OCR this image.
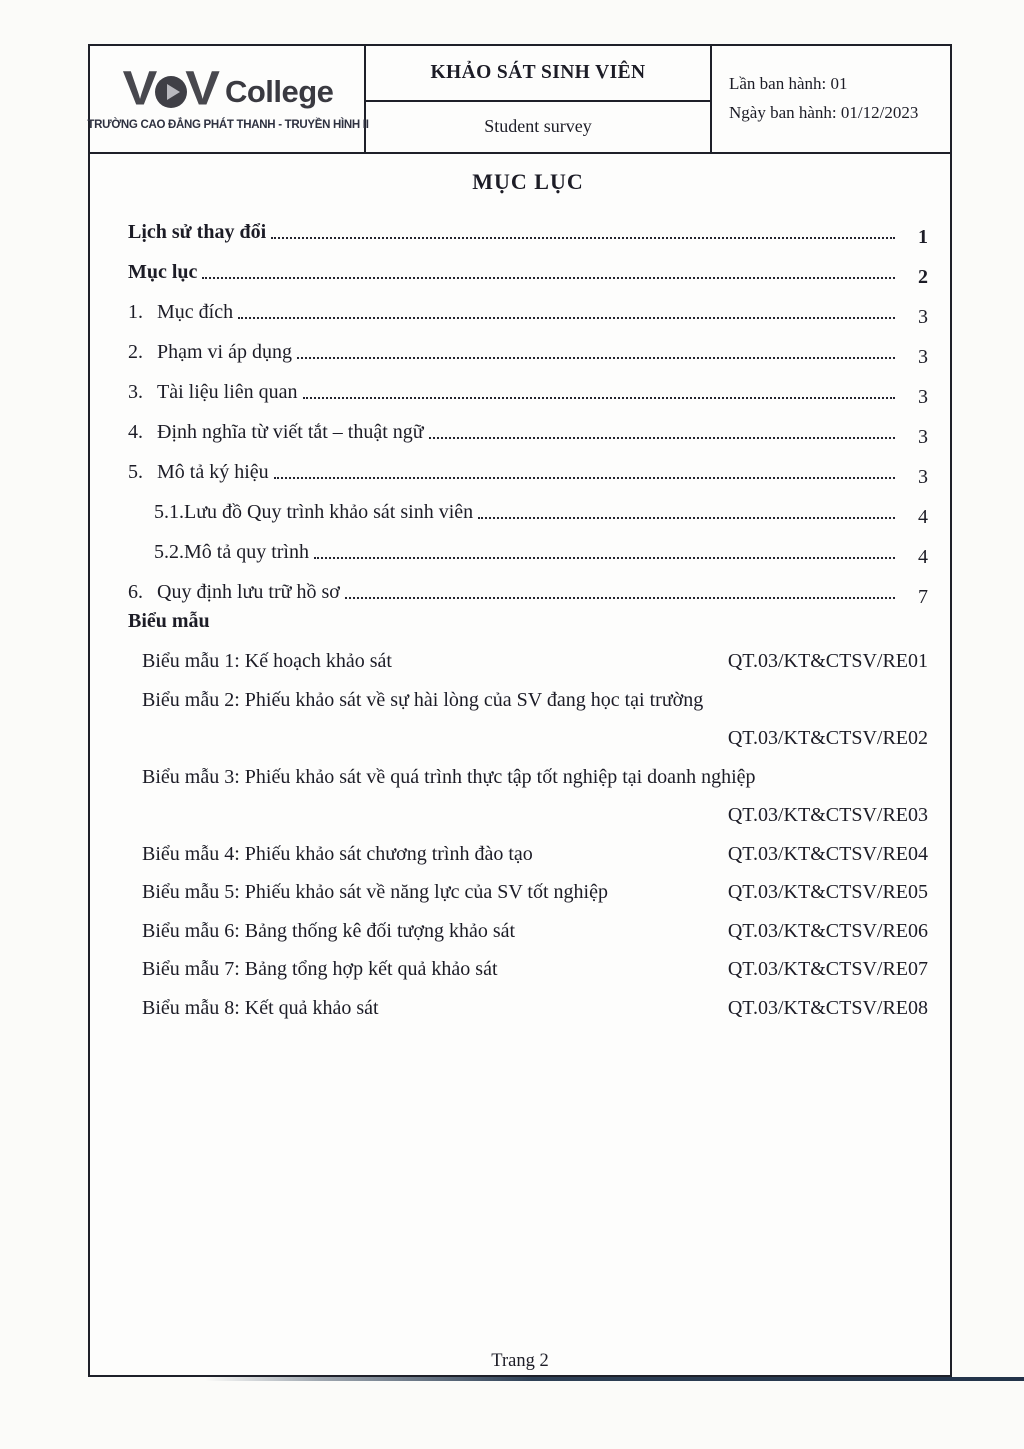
V V College
TRƯỜNG CAO ĐẲNG PHÁT THANH - TRUYỀN HÌNH II
KHẢO SÁT SINH VIÊN
Student survey
Lần ban hành: 01
Ngày ban hành: 01/12/2023
MỤC LỤC
Lịch sử thay đổi	1
Mục lục	2
1. Mục đích	3
2. Phạm vi áp dụng	3
3. Tài liệu liên quan	3
4. Định nghĩa từ viết tắt – thuật ngữ	3
5. Mô tả ký hiệu	3
5.1. Lưu đồ Quy trình khảo sát sinh viên	4
5.2. Mô tả quy trình	4
6. Quy định lưu trữ hồ sơ	7
Biểu mẫu
Biểu mẫu 1: Kế hoạch khảo sát	QT.03/KT&CTSV/RE01
Biểu mẫu 2: Phiếu khảo sát về sự hài lòng của SV đang học tại trường
QT.03/KT&CTSV/RE02
Biểu mẫu 3: Phiếu khảo sát về quá trình thực tập tốt nghiệp tại doanh nghiệp
QT.03/KT&CTSV/RE03
Biểu mẫu 4: Phiếu khảo sát chương trình đào tạo	QT.03/KT&CTSV/RE04
Biểu mẫu 5: Phiếu khảo sát về năng lực của SV tốt nghiệp	QT.03/KT&CTSV/RE05
Biểu mẫu 6: Bảng thống kê đối tượng khảo sát	QT.03/KT&CTSV/RE06
Biểu mẫu 7: Bảng tổng hợp kết quả khảo sát	QT.03/KT&CTSV/RE07
Biểu mẫu 8: Kết quả khảo sát	QT.03/KT&CTSV/RE08
Trang 2
